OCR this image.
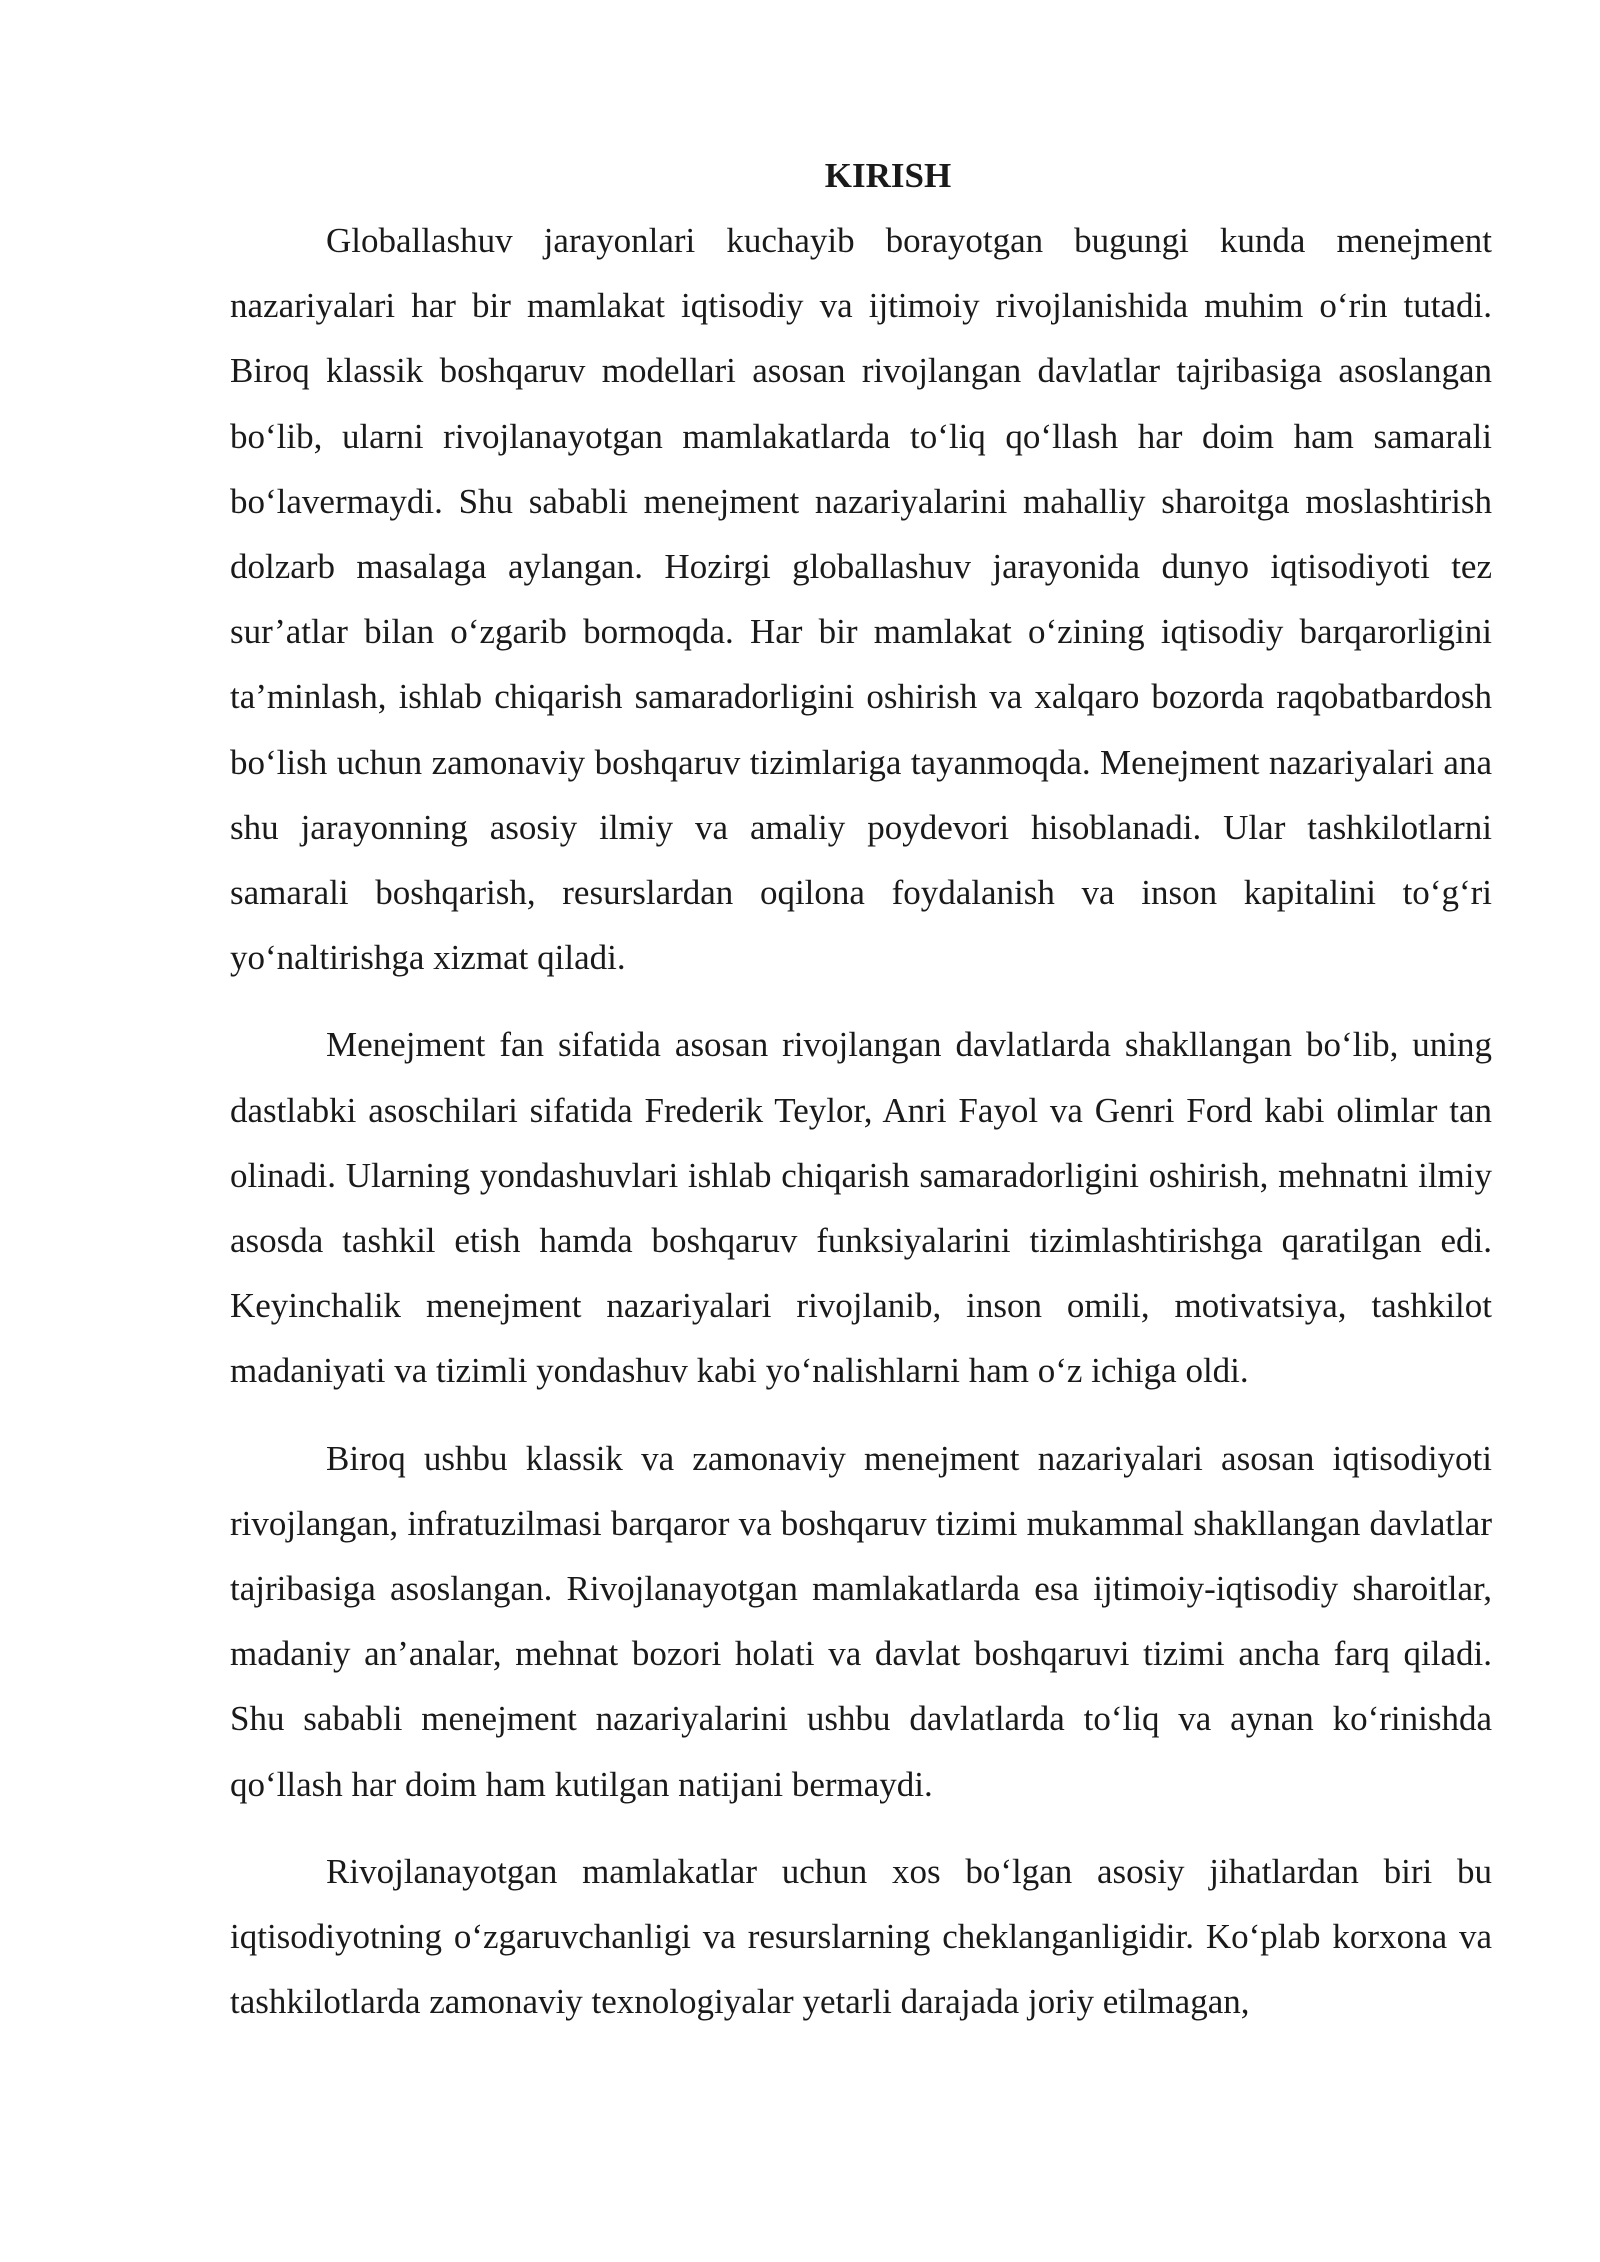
KIRISH

Globallashuv jarayonlari kuchayib borayotgan bugungi kunda menejment nazariyalari har bir mamlakat iqtisodiy va ijtimoiy rivojlanishida muhim o‘rin tutadi. Biroq klassik boshqaruv modellari asosan rivojlangan davlatlar tajribasiga asoslangan bo‘lib, ularni rivojlanayotgan mamlakatlarda to‘liq qo‘llash har doim ham samarali bo‘lavermaydi. Shu sababli menejment nazariyalarini mahalliy sharoitga moslashtirish dolzarb masalaga aylangan. Hozirgi globallashuv jarayonida dunyo iqtisodiyoti tez sur’atlar bilan o‘zgarib bormoqda. Har bir mamlakat o‘zining iqtisodiy barqarorligini ta’minlash, ishlab chiqarish samaradorligini oshirish va xalqaro bozorda raqobatbardosh bo‘lish uchun zamonaviy boshqaruv tizimlariga tayanmoqda. Menejment nazariyalari ana shu jarayonning asosiy ilmiy va amaliy poydevori hisoblanadi. Ular tashkilotlarni samarali boshqarish, resurslardan oqilona foydalanish va inson kapitalini to‘g‘ri yo‘naltirishga xizmat qiladi.

Menejment fan sifatida asosan rivojlangan davlatlarda shakllangan bo‘lib, uning dastlabki asoschilari sifatida Frederik Teylor, Anri Fayol va Genri Ford kabi olimlar tan olinadi. Ularning yondashuvlari ishlab chiqarish samaradorligini oshirish, mehnatni ilmiy asosda tashkil etish hamda boshqaruv funksiyalarini tizimlashtirishga qaratilgan edi. Keyinchalik menejment nazariyalari rivojlanib, inson omili, motivatsiya, tashkilot madaniyati va tizimli yondashuv kabi yo‘nalishlarni ham o‘z ichiga oldi.

Biroq ushbu klassik va zamonaviy menejment nazariyalari asosan iqtisodiyoti rivojlangan, infratuzilmasi barqaror va boshqaruv tizimi mukammal shakllangan davlatlar tajribasiga asoslangan. Rivojlanayotgan mamlakatlarda esa ijtimoiy-iqtisodiy sharoitlar, madaniy an’analar, mehnat bozori holati va davlat boshqaruvi tizimi ancha farq qiladi. Shu sababli menejment nazariyalarini ushbu davlatlarda to‘liq va aynan ko‘rinishda qo‘llash har doim ham kutilgan natijani bermaydi.

Rivojlanayotgan mamlakatlar uchun xos bo‘lgan asosiy jihatlardan biri bu iqtisodiyotning o‘zgaruvchanligi va resurslarning cheklanganligidir. Ko‘plab korxona va tashkilotlarda zamonaviy texnologiyalar yetarli darajada joriy etilmagan,
